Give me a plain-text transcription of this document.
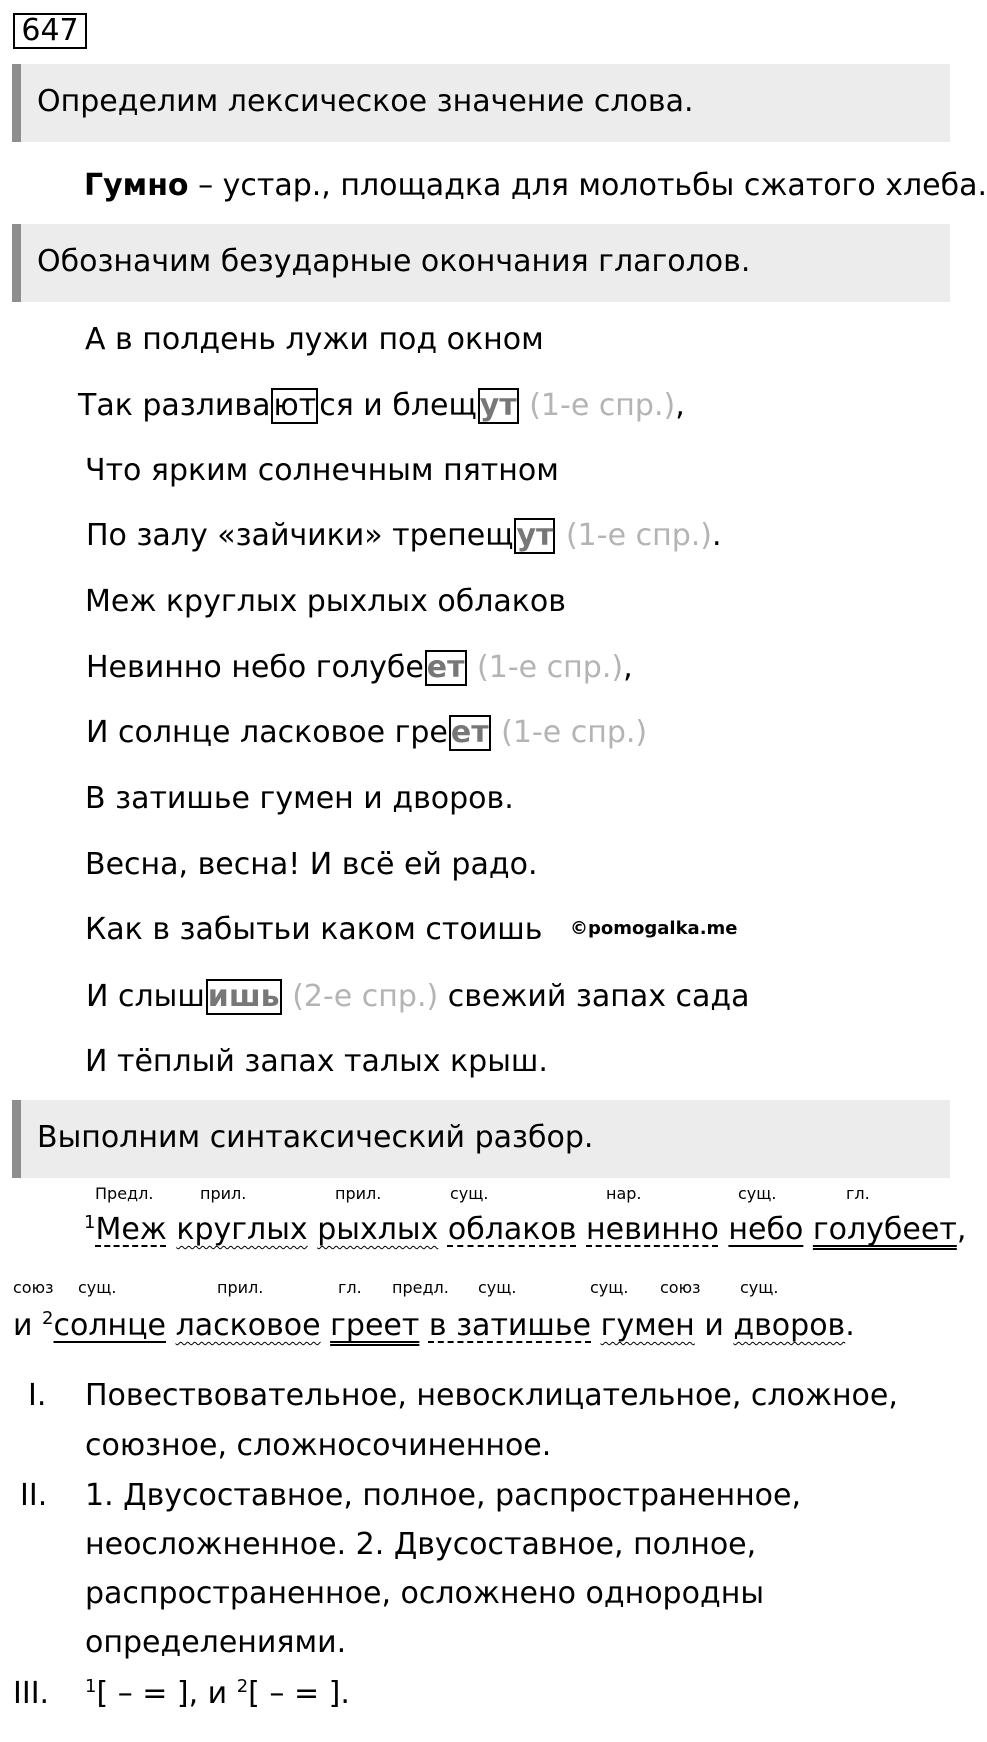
647
Определим лексическое значение слова.
Гумно – устар., площадка для молотьбы сжатого хлеба.
Обозначим безударные окончания глаголов.
А в полдень лужи под окном
Так разлива ют ся и блещ ут (1-е спр.),
Что ярким солнечным пятном
По залу «зайчики» трепещ ут (1-е спр.).
Меж круглых рыхлых облаков
Невинно небо голубе ет (1-е спр.),
И солнце ласковое гре ет (1-е спр.)
В затишье гумен и дворов.
Весна, весна! И всё ей радо.
Как в забытьи каком стоишь ©pomogalka.me
И слыш ишь (2-е спр.) свежий запах сада
И тёплый запах талых крыш.
Выполним синтаксический разбор.
Предл.	прил.	прил.	сущ.	нар.	сущ.	гл.
$^1$Меж круглых рыхлых облаков невинно небо голубеет,
союз сущ.	прил.	гл. предл. сущ.	сущ. союз сущ.
и $^2$солнце ласковое греет в затишье гумен и дворов.
I. Повествовательное, невосклицательное, сложное,
союзное, сложносочиненное.
II. 1. Двусоставное, полное, распространенное,
неосложненное. 2. Двусоставное, полное,
распространенное, осложнено однородны
определениями.
III. $^1$[ – = ], и $^2$[ – = ].
